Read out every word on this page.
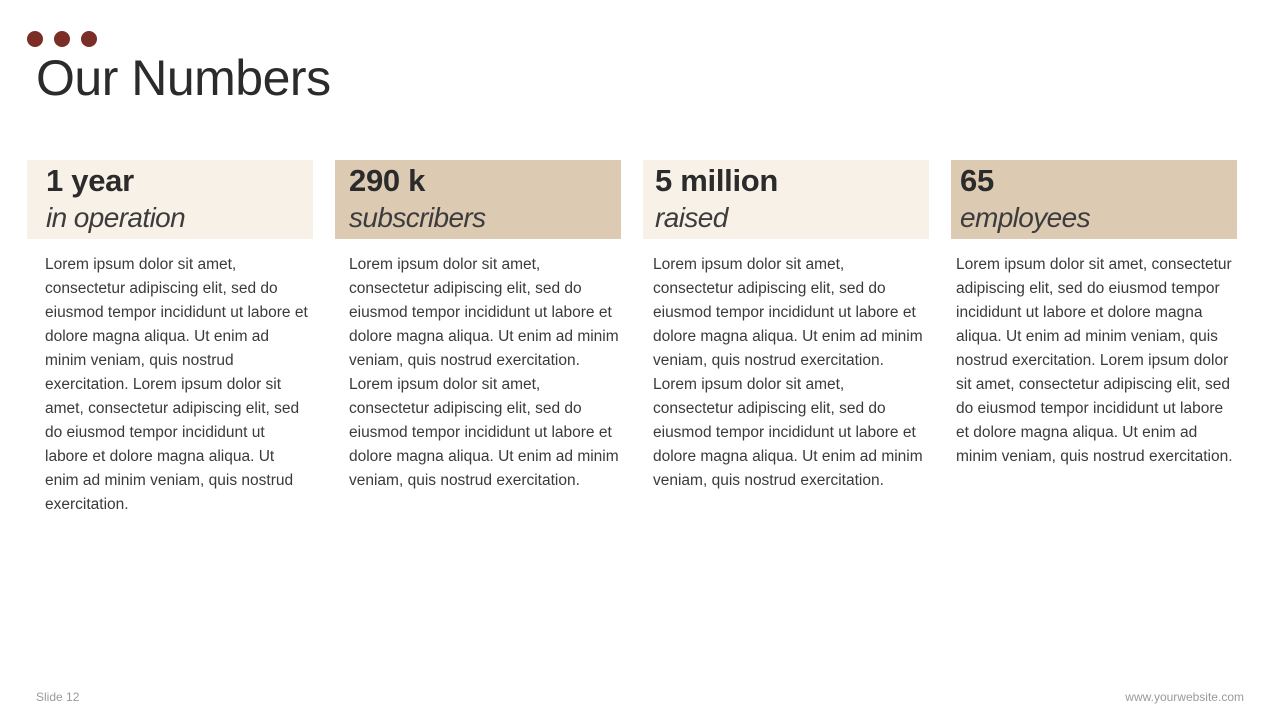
Our Numbers
1 year
in operation
Lorem ipsum dolor sit amet, consectetur adipiscing elit, sed do eiusmod tempor incididunt ut labore et dolore magna aliqua. Ut enim ad minim veniam, quis nostrud exercitation. Lorem ipsum dolor sit amet, consectetur adipiscing elit, sed do eiusmod tempor incididunt ut labore et dolore magna aliqua. Ut enim ad minim veniam, quis nostrud exercitation.
290 k
subscribers
Lorem ipsum dolor sit amet, consectetur adipiscing elit, sed do eiusmod tempor incididunt ut labore et dolore magna aliqua. Ut enim ad minim veniam, quis nostrud exercitation. Lorem ipsum dolor sit amet, consectetur adipiscing elit, sed do eiusmod tempor incididunt ut labore et dolore magna aliqua. Ut enim ad minim veniam, quis nostrud exercitation.
5 million
raised
Lorem ipsum dolor sit amet, consectetur adipiscing elit, sed do eiusmod tempor incididunt ut labore et dolore magna aliqua. Ut enim ad minim veniam, quis nostrud exercitation. Lorem ipsum dolor sit amet, consectetur adipiscing elit, sed do eiusmod tempor incididunt ut labore et dolore magna aliqua. Ut enim ad minim veniam, quis nostrud exercitation.
65
employees
Lorem ipsum dolor sit amet, consectetur adipiscing elit, sed do eiusmod tempor incididunt ut labore et dolore magna aliqua. Ut enim ad minim veniam, quis nostrud exercitation. Lorem ipsum dolor sit amet, consectetur adipiscing elit, sed do eiusmod tempor incididunt ut labore et dolore magna aliqua. Ut enim ad minim veniam, quis nostrud exercitation.
Slide 12	www.yourwebsite.com
